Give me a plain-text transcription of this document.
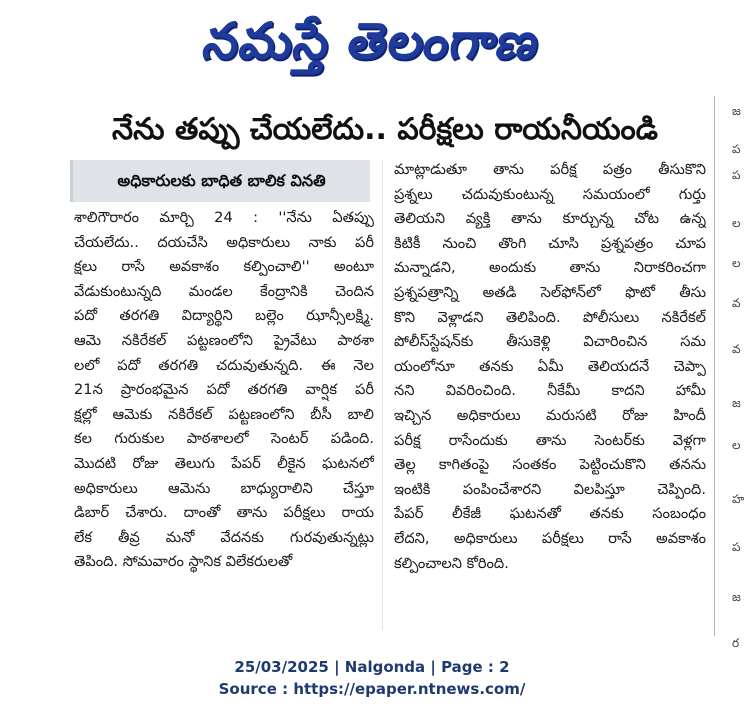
నమస్తే తెలంగాణ
జ
ప
ప
ల
ల
వ
వ
జ
ల
హ
ప
జ
ర
నేను తప్పు చేయలేదు.. పరీక్షలు రాయనీయండి
అధికారులకు బాధిత బాలిక వినతి
శాలిగౌరారం మార్చి 24 : ''నేను ఏతప్పు
చేయలేదు.. దయచేసి అధికారులు నాకు పరీ
క్షలు రాసే అవకాశం కల్పించాలి'' అంటూ
వేడుకుంటున్నది మండల కేంద్రానికి చెందిన
పదో తరగతి విద్యార్థిని బల్లెం ఝాన్సీలక్ష్మి.
ఆమె నకిరేకల్ పట్టణంలోని ప్రైవేటు పాఠశా
లలో పదో తరగతి చదువుతున్నది. ఈ నెల
21న ప్రారంభమైన పదో తరగతి వార్షిక పరీ
క్షల్లో ఆమెకు నకిరేకల్ పట్టణంలోని బీసీ బాలి
కల గురుకుల పాఠశాలలో సెంటర్ పడింది.
మొదటి రోజు తెలుగు పేపర్ లీకైన ఘటనలో
అధికారులు ఆమెను బాధ్యురాలిని చేస్తూ
డిబార్ చేశారు. దాంతో తాను పరీక్షలు రాయ
లేక తీవ్ర మనో వేదనకు గురవుతున్నట్లు
తెపింది. సోమవారం స్థానిక విలేకరులతో
మాట్లాడుతూ తాను పరీక్ష పత్రం తీసుకొని
ప్రశ్నలు చదువుకుంటున్న సమయంలో గుర్తు
తెలియని వ్యక్తి తాను కూర్చున్న చోట ఉన్న
కిటికీ నుంచి తొంగి చూసి ప్రశ్నపత్రం చూప
మన్నాడని, అందుకు తాను నిరాకరించగా
ప్రశ్నపత్రాన్ని అతడి సెల్‌ఫోన్‌లో ఫొటో తీసు
కొని వెళ్లాడని తెలిపింది. పోలీసులు నకిరేకల్
పోలీస్‌స్టేషన్‌కు తీసుకెళ్లి విచారించిన సమ
యంలోనూ తనకు ఏమీ తెలియదనే చెప్పా
నని వివరించింది. నీకేమీ కాదని హామీ
ఇచ్చిన అధికారులు మరుసటి రోజు హిందీ
పరీక్ష రాసేందుకు తాను సెంటర్‌కు వెళ్లగా
తెల్ల కాగితంపై సంతకం పెట్టించుకొని తనను
ఇంటికి పంపించేశారని విలపిస్తూ చెప్పింది.
పేపర్ లీకేజీ ఘటనతో తనకు సంబంధం
లేదని, అధికారులు పరీక్షలు రాసే అవకాశం
కల్పించాలని కోరింది.
25/03/2025 | Nalgonda | Page : 2
Source : https://epaper.ntnews.com/
